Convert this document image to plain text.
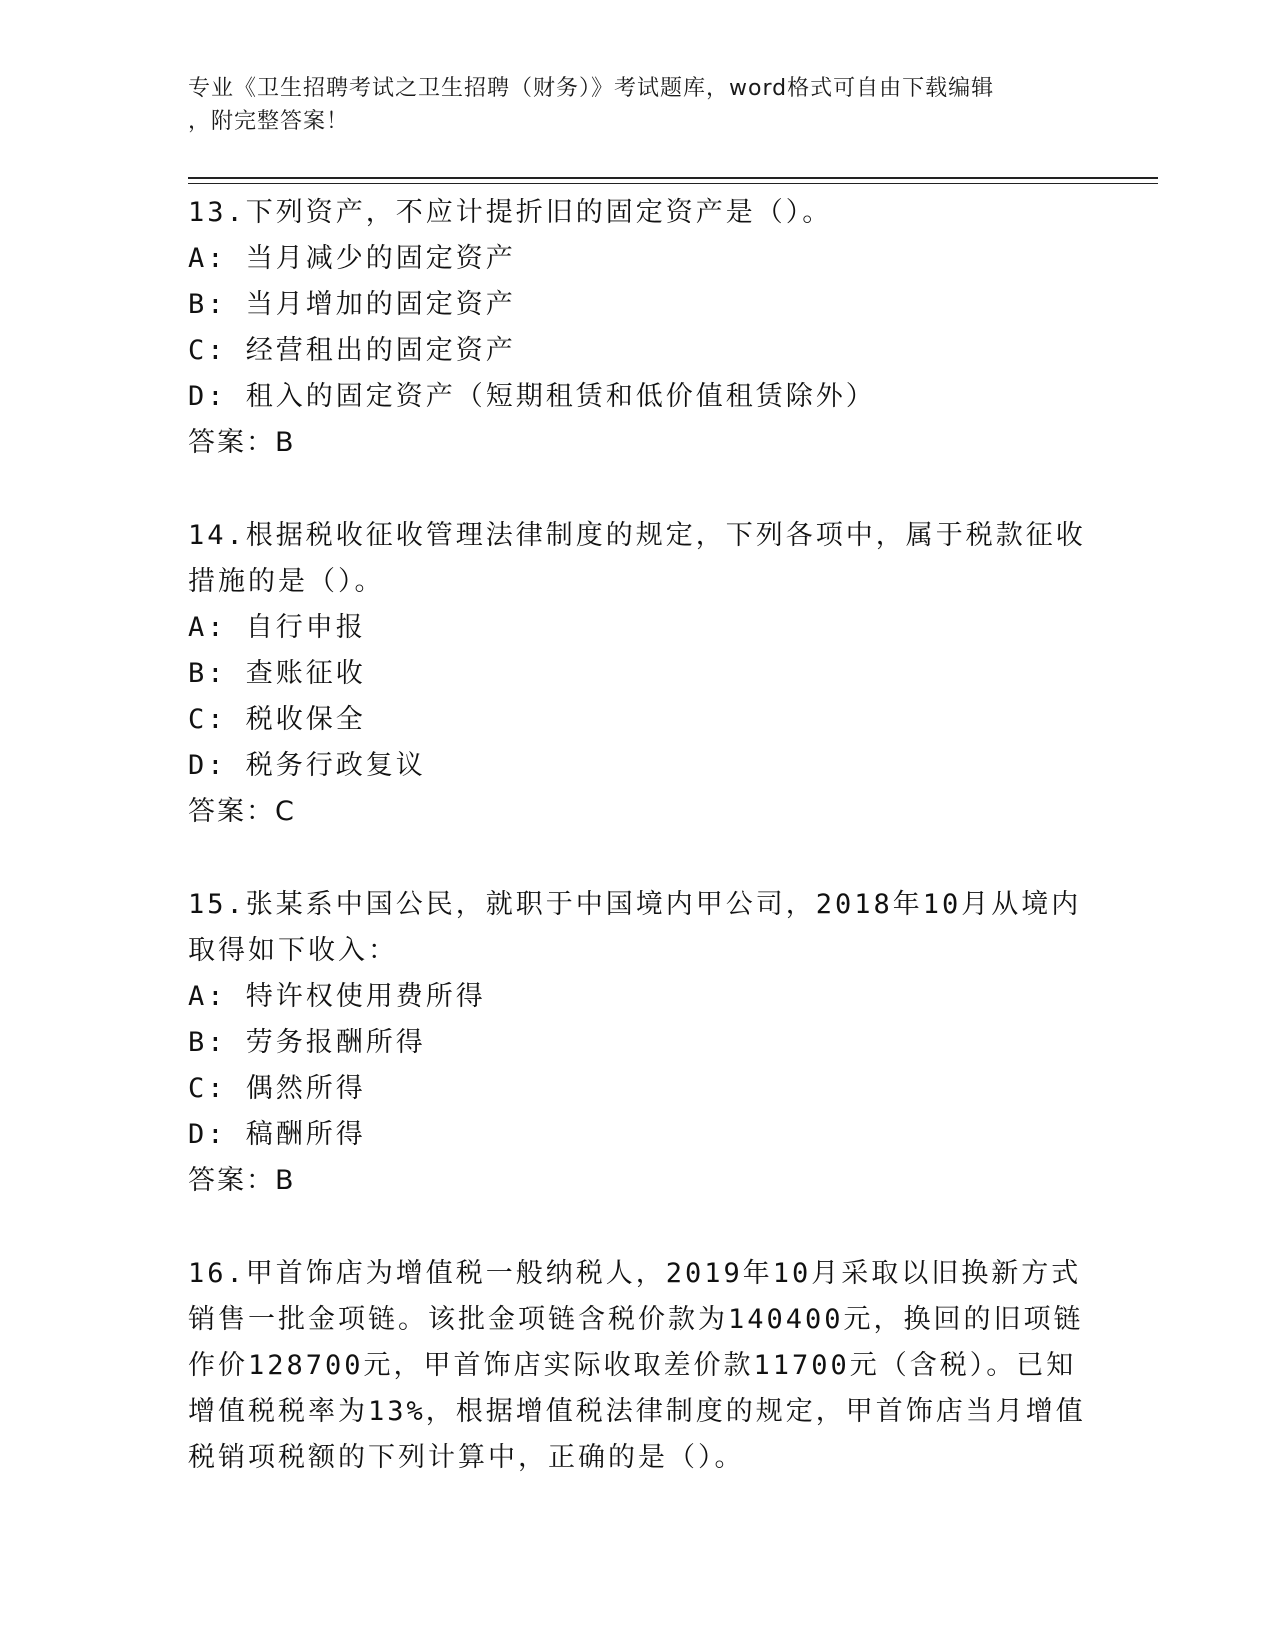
专业《卫生招聘考试之卫生招聘（财务）》考试题库，word格式可自由下载编辑
，附完整答案！
13.下列资产，不应计提折旧的固定资产是（）。
A: 当月减少的固定资产
B: 当月增加的固定资产
C: 经营租出的固定资产
D: 租入的固定资产（短期租赁和低价值租赁除外）
答案：B
14.根据税收征收管理法律制度的规定，下列各项中，属于税款征收措施的是（）。
A: 自行申报
B: 查账征收
C: 税收保全
D: 税务行政复议
答案：C
15.张某系中国公民，就职于中国境内甲公司，2018年10月从境内取得如下收入：
A: 特许权使用费所得
B: 劳务报酬所得
C: 偶然所得
D: 稿酬所得
答案：B
16.甲首饰店为增值税一般纳税人，2019年10月采取以旧换新方式销售一批金项链。该批金项链含税价款为140400元，换回的旧项链作价128700元，甲首饰店实际收取差价款11700元（含税）。已知增值税税率为13%，根据增值税法律制度的规定，甲首饰店当月增值税销项税额的下列计算中，正确的是（）。
